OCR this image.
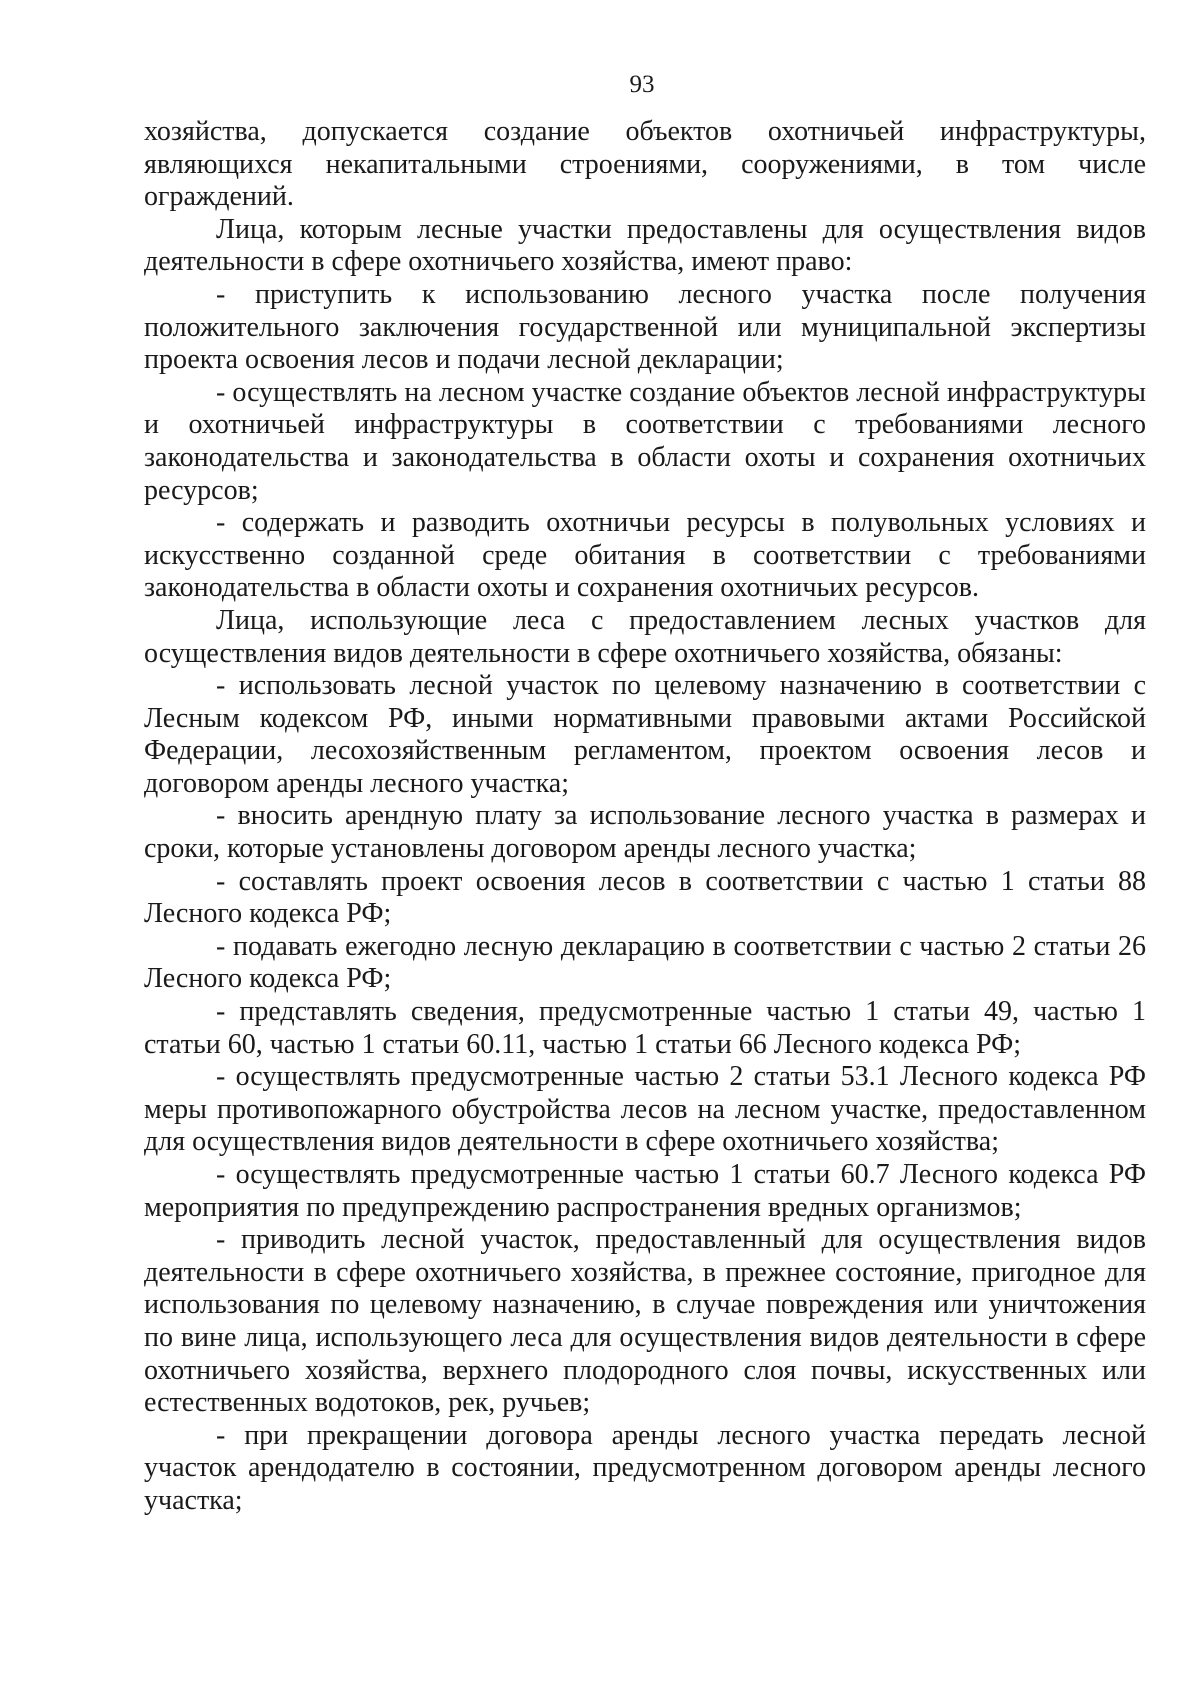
93

хозяйства, допускается создание объектов охотничьей инфраструктуры, являющихся некапитальными строениями, сооружениями, в том числе ограждений.

Лица, которым лесные участки предоставлены для осуществления видов деятельности в сфере охотничьего хозяйства, имеют право:

- приступить к использованию лесного участка после получения положительного заключения государственной или муниципальной экспертизы проекта освоения лесов и подачи лесной декларации;

- осуществлять на лесном участке создание объектов лесной инфраструктуры и охотничьей инфраструктуры в соответствии с требованиями лесного законодательства и законодательства в области охоты и сохранения охотничьих ресурсов;

- содержать и разводить охотничьи ресурсы в полувольных условиях и искусственно созданной среде обитания в соответствии с требованиями законодательства в области охоты и сохранения охотничьих ресурсов.

Лица, использующие леса с предоставлением лесных участков для осуществления видов деятельности в сфере охотничьего хозяйства, обязаны:

- использовать лесной участок по целевому назначению в соответствии с Лесным кодексом РФ, иными нормативными правовыми актами Российской Федерации, лесохозяйственным регламентом, проектом освоения лесов и договором аренды лесного участка;

- вносить арендную плату за использование лесного участка в размерах и сроки, которые установлены договором аренды лесного участка;

- составлять проект освоения лесов в соответствии с частью 1 статьи 88 Лесного кодекса РФ;

- подавать ежегодно лесную декларацию в соответствии с частью 2 статьи 26 Лесного кодекса РФ;

- представлять сведения, предусмотренные частью 1 статьи 49, частью 1 статьи 60, частью 1 статьи 60.11, частью 1 статьи 66 Лесного кодекса РФ;

- осуществлять предусмотренные частью 2 статьи 53.1 Лесного кодекса РФ меры противопожарного обустройства лесов на лесном участке, предоставленном для осуществления видов деятельности в сфере охотничьего хозяйства;

- осуществлять предусмотренные частью 1 статьи 60.7 Лесного кодекса РФ мероприятия по предупреждению распространения вредных организмов;

- приводить лесной участок, предоставленный для осуществления видов деятельности в сфере охотничьего хозяйства, в прежнее состояние, пригодное для использования по целевому назначению, в случае повреждения или уничтожения по вине лица, использующего леса для осуществления видов деятельности в сфере охотничьего хозяйства, верхнего плодородного слоя почвы, искусственных или естественных водотоков, рек, ручьев;

- при прекращении договора аренды лесного участка передать лесной участок арендодателю в состоянии, предусмотренном договором аренды лесного участка;
